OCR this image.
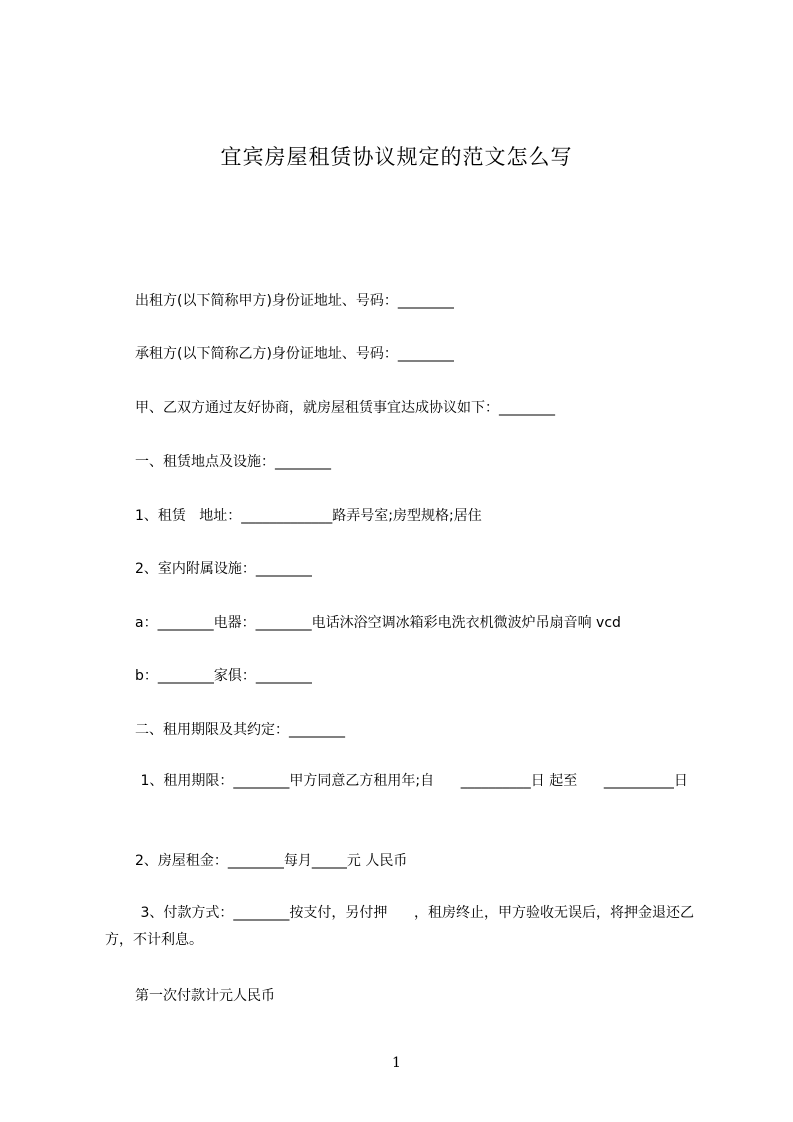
宜宾房屋租赁协议规定的范文怎么写
出租方(以下简称甲方)身份证地址、号码：________
承租方(以下简称乙方)身份证地址、号码：________
甲、乙双方通过友好协商，就房屋租赁事宜达成协议如下：________
一、租赁地点及设施：________
1、租赁   地址：_____________路弄号室;房型规格;居住
2、室内附属设施：________
a：________电器：________电话沐浴空调冰箱彩电洗衣机微波炉吊扇音响 vcd
b：________家俱：________
二、租用期限及其约定：________
1、租用期限：________甲方同意乙方租用年;自      __________日 起至      __________日
2、房屋租金：________每月_____元 人民币
3、付款方式：________按支付，另付押      ，租房终止，甲方验收无误后，将押金退还乙方，不计利息。
第一次付款计元人民币
1
